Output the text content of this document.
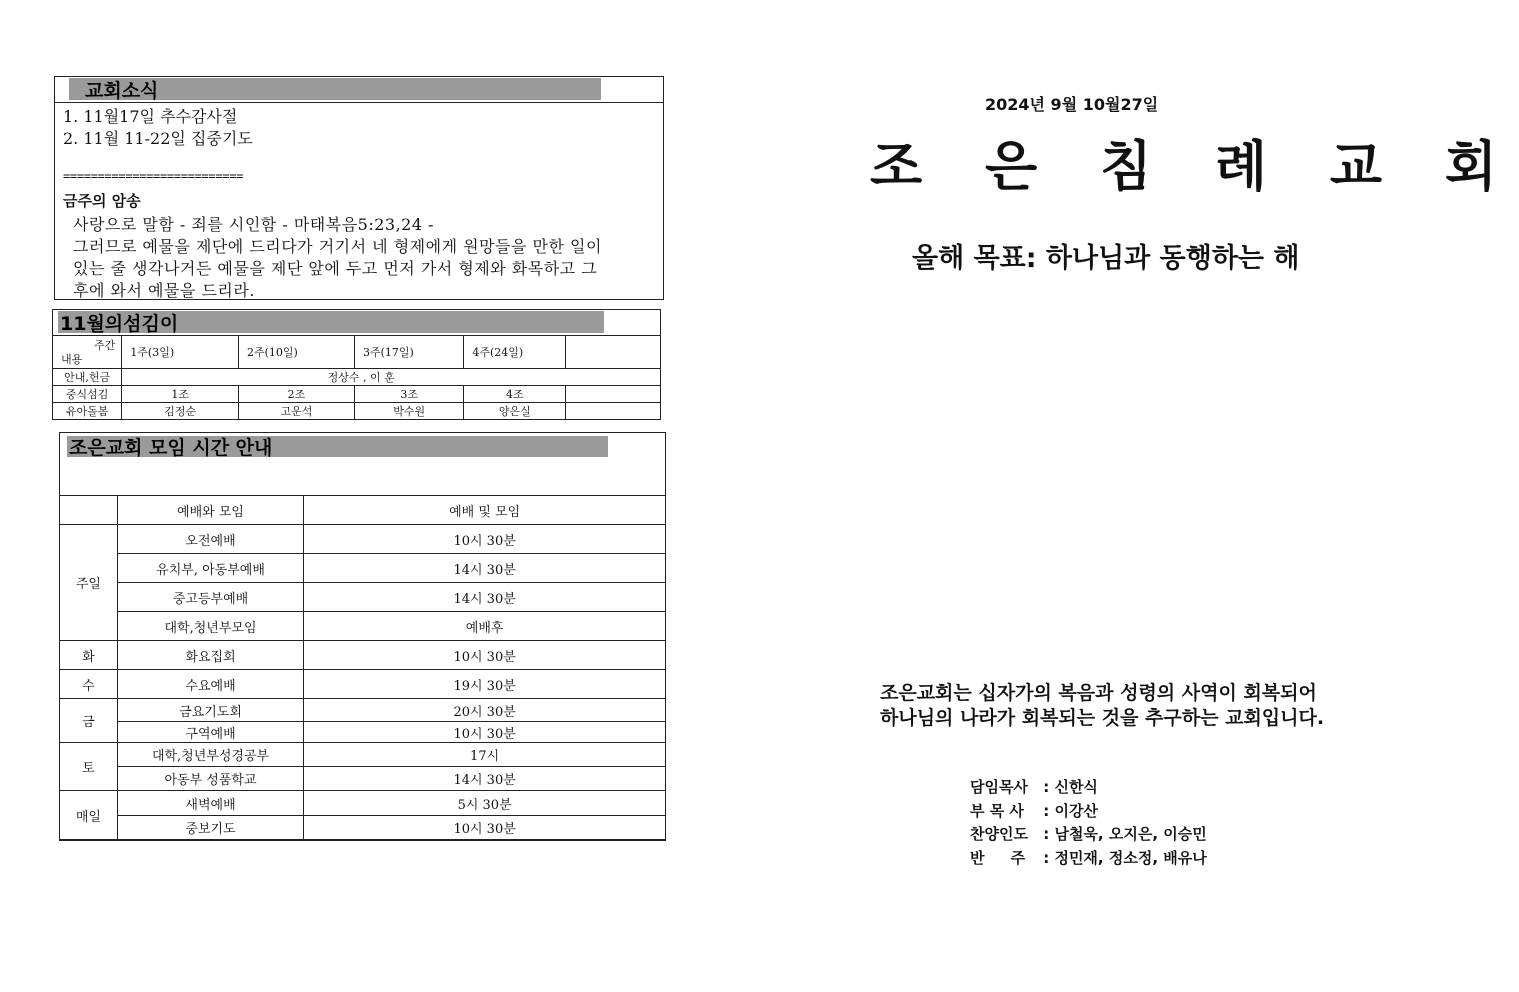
교회소식
1. 11월17일 추수감사절
2. 11월 11-22일 집중기도
==========================
금주의 암송
사랑으로 말함 - 죄를 시인함 - 마태복음5:23,24 -
그러므로 예물을 제단에 드리다가 거기서 네 형제에게 원망들을 만한 일이
있는 줄 생각나거든 예물을 제단 앞에 두고 먼저 가서 형제와 화목하고 그
후에 와서 예물을 드리라.
11월의섬김이
주간
내용	1주(3일)	2주(10일)	3주(17일)	4주(24일)	
안내,헌금	정상수 , 이 훈				
중식섬김	1조	2조	3조	4조	
유아돌봄	김정순	고운석	박수원	양은실	
조은교회 모임 시간 안내
	예배와 모임	예배 및 모임
주일	오전예배	10시 30분
	유치부, 아동부예배	14시 30분
	중고등부예배	14시 30분
	대학,청년부모임	예배후
화	화요집회	10시 30분
수	수요예배	19시 30분
금	금요기도회	20시 30분
	구역예배	10시 30분
토	대학,청년부성경공부	17시
	아동부 성품학교	14시 30분
매일	새벽예배	5시 30분
	중보기도	10시 30분
2024년 9월 10월27일
조 은 침 례 교 회
올해 목표: 하나님과 동행하는 해
조은교회는 십자가의 복음과 성령의 사역이 회복되어
하나님의 나라가 회복되는 것을 추구하는 교회입니다.
담임목사 : 신한식
부 목 사 : 이강산
찬양인도 : 남철욱, 오지은, 이승민
반     주 : 정민재, 정소정, 배유나
